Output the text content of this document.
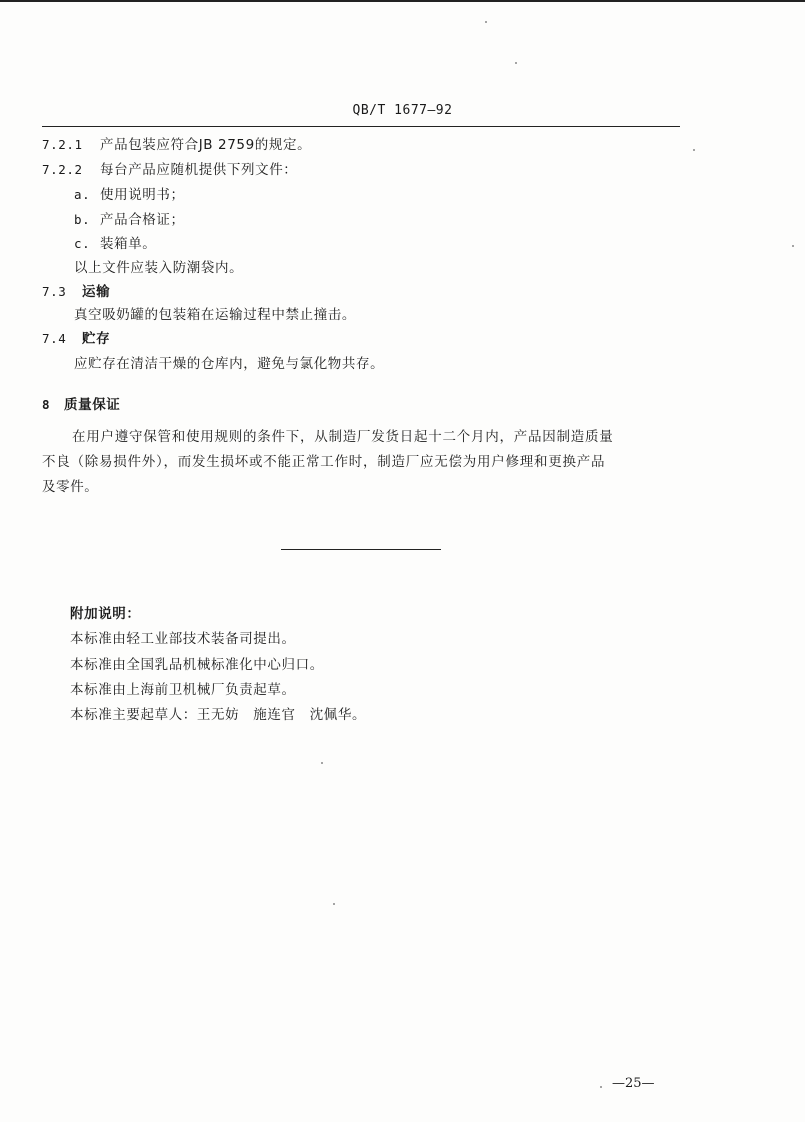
QB/T 1677—92
7.2.1 产品包装应符合JB 2759的规定。
7.2.2 每台产品应随机提供下列文件：
a. 使用说明书；
b. 产品合格证；
c. 装箱单。
以上文件应装入防潮袋内。
7.3 运输
真空吸奶罐的包装箱在运输过程中禁止撞击。
7.4 贮存
应贮存在清洁干燥的仓库内，避免与氯化物共存。
8 质量保证
在用户遵守保管和使用规则的条件下，从制造厂发货日起十二个月内，产品因制造质量
不良（除易损件外），而发生损坏或不能正常工作时，制造厂应无偿为用户修理和更换产品
及零件。
附加说明：
本标准由轻工业部技术装备司提出。
本标准由全国乳品机械标准化中心归口。
本标准由上海前卫机械厂负责起草。
本标准主要起草人：王无妨　施连官　沈佩华。
—25—
